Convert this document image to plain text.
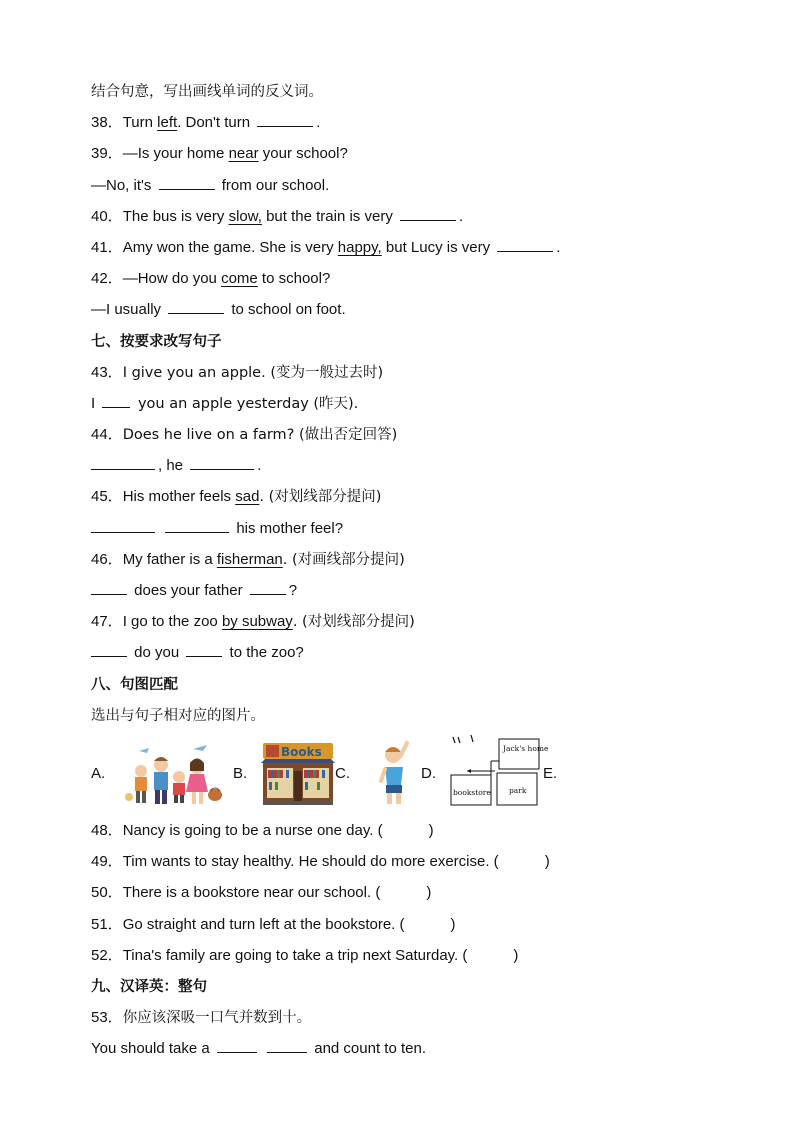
结合句意，写出画线单词的反义词。
38．Turn left. Don't turn	.
39．—Is your home near your school?
—No, it's	from our school.
40．The bus is very slow, but the train is very	.
41．Amy won the game. She is very happy, but Lucy is very	.
42．—How do you come to school?
—I usually	to school on foot.
七、按要求改写句子
43．I give you an apple. (变为一般过去时)
I  you an apple yesterday (昨天).
44．Does he live on a farm? (做出否定回答)
, he	.
45．His mother feels sad. (对划线部分提问)
his mother feel?
46．My father is a fisherman. (对画线部分提问)
does your father	?
47．I go to the zoo by subway. (对划线部分提问)
do you	to the zoo?
八、句图匹配
选出与句子相对应的图片。
A.	B.
Books
C.	D.
Jack's home
bookstore park
E.
48．Nancy is going to be a nurse one day. (	)
49．Tim wants to stay healthy. He should do more exercise. (	)
50．There is a bookstore near our school. (	)
51．Go straight and turn left at the bookstore. (	)
52．Tina's family are going to take a trip next Saturday. (	)
九、汉译英：整句
53．你应该深吸一口气并数到十。
You should take a	and count to ten.
